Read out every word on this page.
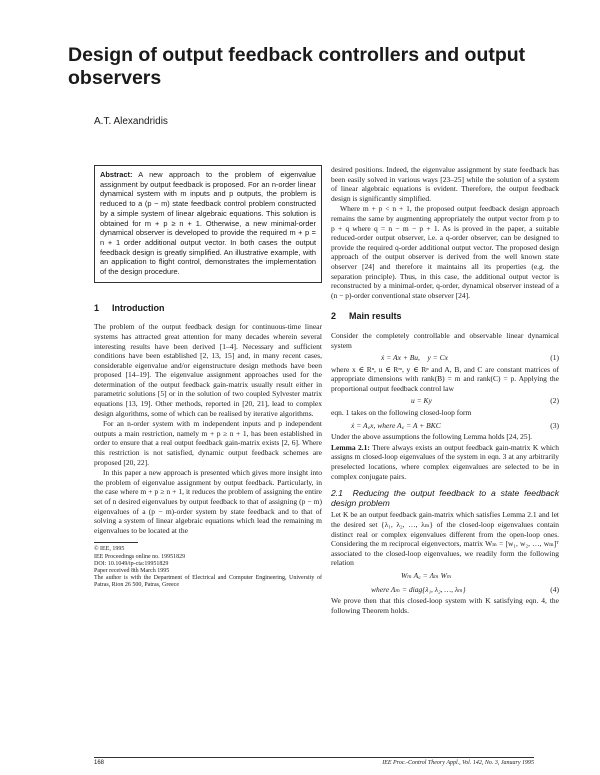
Design of output feedback controllers and output observers
A.T. Alexandridis

Abstract: A new approach to the problem of eigenvalue assignment by output feedback is proposed. For an n-order linear dynamical system with m inputs and p outputs, the problem is reduced to a (p − m) state feedback control problem constructed by a simple system of linear algebraic equations. This solution is obtained for m + p ≥ n + 1. Otherwise, a new minimal-order dynamical observer is developed to provide the required m + p = n + 1 order additional output vector. In both cases the output feedback design is greatly simplified. An illustrative example, with an application to flight control, demonstrates the implementation of the design procedure.

1 Introduction

The problem of the output feedback design for continuous-time linear systems has attracted great attention for many decades wherein several interesting results have been derived [1–4]. Necessary and sufficient conditions have been established [2, 13, 15] and, in many recent cases, considerable eigenvalue and/or eigenstructure design methods have been proposed [14–19]. The eigenvalue assignment approaches used for the determination of the output feedback gain-matrix usually result either in parametric solutions [5] or in the solution of two coupled Sylvester matrix equations [13, 19]. Other methods, reported in [20, 21], lead to complex design algorithms, some of which can be realised by iterative algorithms.

For an n-order system with m independent inputs and p independent outputs a main restriction, namely m + p ≥ n + 1, has been established in order to ensure that a real output feedback gain-matrix exists [2, 6]. Where this restriction is not satisfied, dynamic output feedback schemes are proposed [20, 22].

In this paper a new approach is presented which gives more insight into the problem of eigenvalue assignment by output feedback. Particularly, in the case where m + p ≥ n + 1, it reduces the problem of assigning the entire set of n desired eigenvalues by output feedback to that of assigning (p − m) eigenvalues of a (p − m)-order system by state feedback and to that of solving a system of linear algebraic equations which lead the remaining m eigenvalues to be located at the

© IEE, 1995
IEE Proceedings online no. 19951829
DOI: 10.1049/ip-cta:19951829
Paper received 8th March 1995
The author is with the Department of Electrical and Computer Engineering, University of Patras, Rion 26 500, Patras, Greece

desired positions. Indeed, the eigenvalue assignment by state feedback has been easily solved in various ways [23–25] while the solution of a system of linear algebraic equations is evident. Therefore, the output feedback design is significantly simplified.

Where m + p < n + 1, the proposed output feedback design approach remains the same by augmenting appropriately the output vector from p to p + q where q = n − m − p + 1. As is proved in the paper, a suitable reduced-order output observer, i.e. a q-order observer, can be designed to provide the required q-order additional output vector. The proposed design approach of the output observer is derived from the well known state observer [24] and therefore it maintains all its properties (e.g. the separation principle). Thus, in this case, the additional output vector is reconstructed by a minimal-order, q-order, dynamical observer instead of a (n − p)-order conventional state observer [24].

2 Main results

Consider the completely controllable and observable linear dynamical system

ẋ = Ax + Bu, y = Cx	(1)

where x ∈ Rⁿ, u ∈ Rᵐ, y ∈ Rᵖ and A, B, and C are constant matrices of appropriate dimensions with rank(B) = m and rank(C) = p. Applying the proportional output feedback control law

u = Ky	(2)

eqn. 1 takes on the following closed-loop form

ẋ = A꜀x, where A꜀ = A + BKC	(3)

Under the above assumptions the following Lemma holds [24, 25].

Lemma 2.1: There always exists an output feedback gain-matrix K which assigns m closed-loop eigenvalues of the system in eqn. 3 at any arbitrarily preselected locations, where complex eigenvalues are selected to be in complex conjugate pairs.

2.1 Reducing the output feedback to a state feedback design problem

Let K be an output feedback gain-matrix which satisfies Lemma 2.1 and let the desired set {λ₁, λ₂, …, λₘ} of the closed-loop eigenvalues contain distinct real or complex eigenvalues different from the open-loop ones. Considering the m reciprocal eigenvectors, matrix Wₘ = [w₁, w₂, …, wₘ]ᵀ associated to the closed-loop eigenvalues, we readily form the following relation

Wₘ A꜀ = Λₘ Wₘ
where Λₘ = diag{λ₁, λ₂, …, λₘ}	(4)

We prove then that this closed-loop system with K satisfying eqn. 4, the following Theorem holds.

168	IEE Proc.-Control Theory Appl., Vol. 142, No. 3, January 1995
